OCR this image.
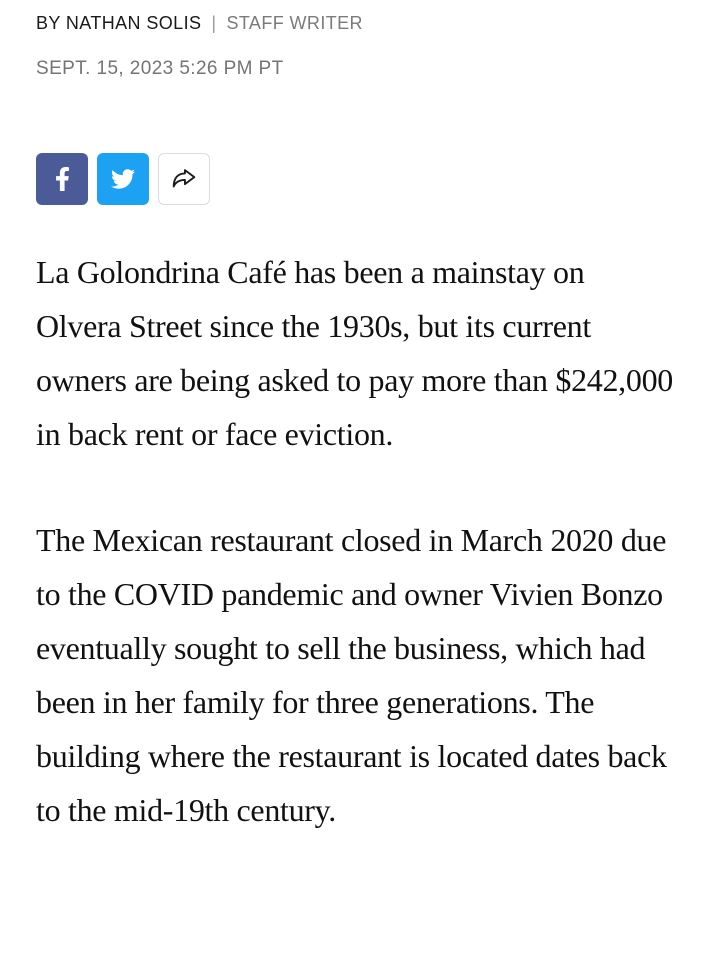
BY NATHAN SOLIS | STAFF WRITER
SEPT. 15, 2023 5:26 PM PT

La Golondrina Café has been a mainstay on Olvera Street since the 1930s, but its current owners are being asked to pay more than $242,000 in back rent or face eviction.

The Mexican restaurant closed in March 2020 due to the COVID pandemic and owner Vivien Bonzo eventually sought to sell the business, which had been in her family for three generations. The building where the restaurant is located dates back to the mid-19th century.
